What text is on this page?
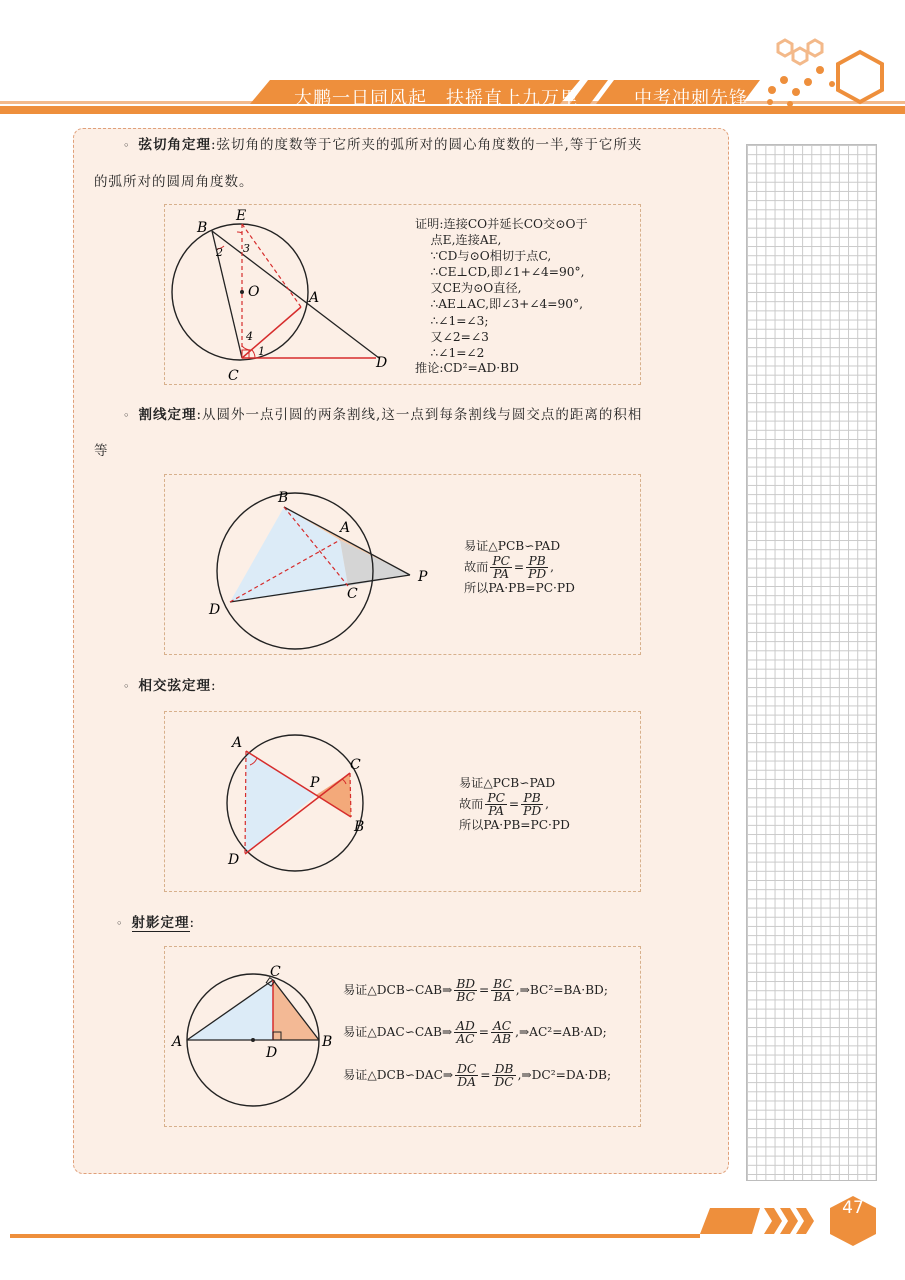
大鹏一日同风起　扶摇直上九万里	中考冲刺先锋
◦ 弦切角定理:弦切角的度数等于它所夹的弧所对的圆心角度数的一半,等于它所夹
的弧所对的圆周角度数。
B
E
2 3
O	A
4
1
C
D
证明:连接CO并延长CO交⊙O于
点E,连接AE,
∵CD与⊙O相切于点C,
∴CE⊥CD,即∠1+∠4=90°,
又CE为⊙O直径,
∴AE⊥AC,即∠3+∠4=90°,
∴∠1=∠3;
又∠2=∠3
∴∠1=∠2
推论:CD²=AD·BD
◦ 割线定理:从圆外一点引圆的两条割线,这一点到每条割线与圆交点的距离的积相
等
B
A
P
C
D
易证△PCB∽PAD
故而 $\frac{PC}{PA} = \frac{PB}{PD}$ ,
所以PA·PB=PC·PD
◦ 相交弦定理:
A
C
P
B
D
易证△PCB∽PAD
故而 $\frac{PC}{PA} = \frac{PB}{PD}$ ,
所以PA·PB=PC·PD
◦ 射影定理:
C
A
D
B
易证△DCB∽CAB⇒ $\frac{BD}{BC} = \frac{BC}{BA}$ ,⇒BC²=BA·BD;
易证△DAC∽CAB⇒ $\frac{AD}{AC} = \frac{AC}{AB}$ ,⇒AC²=AB·AD;
易证△DCB∽DAC⇒ $\frac{DC}{DA} = \frac{DB}{DC}$ ,⇒DC²=DA·DB;
47
